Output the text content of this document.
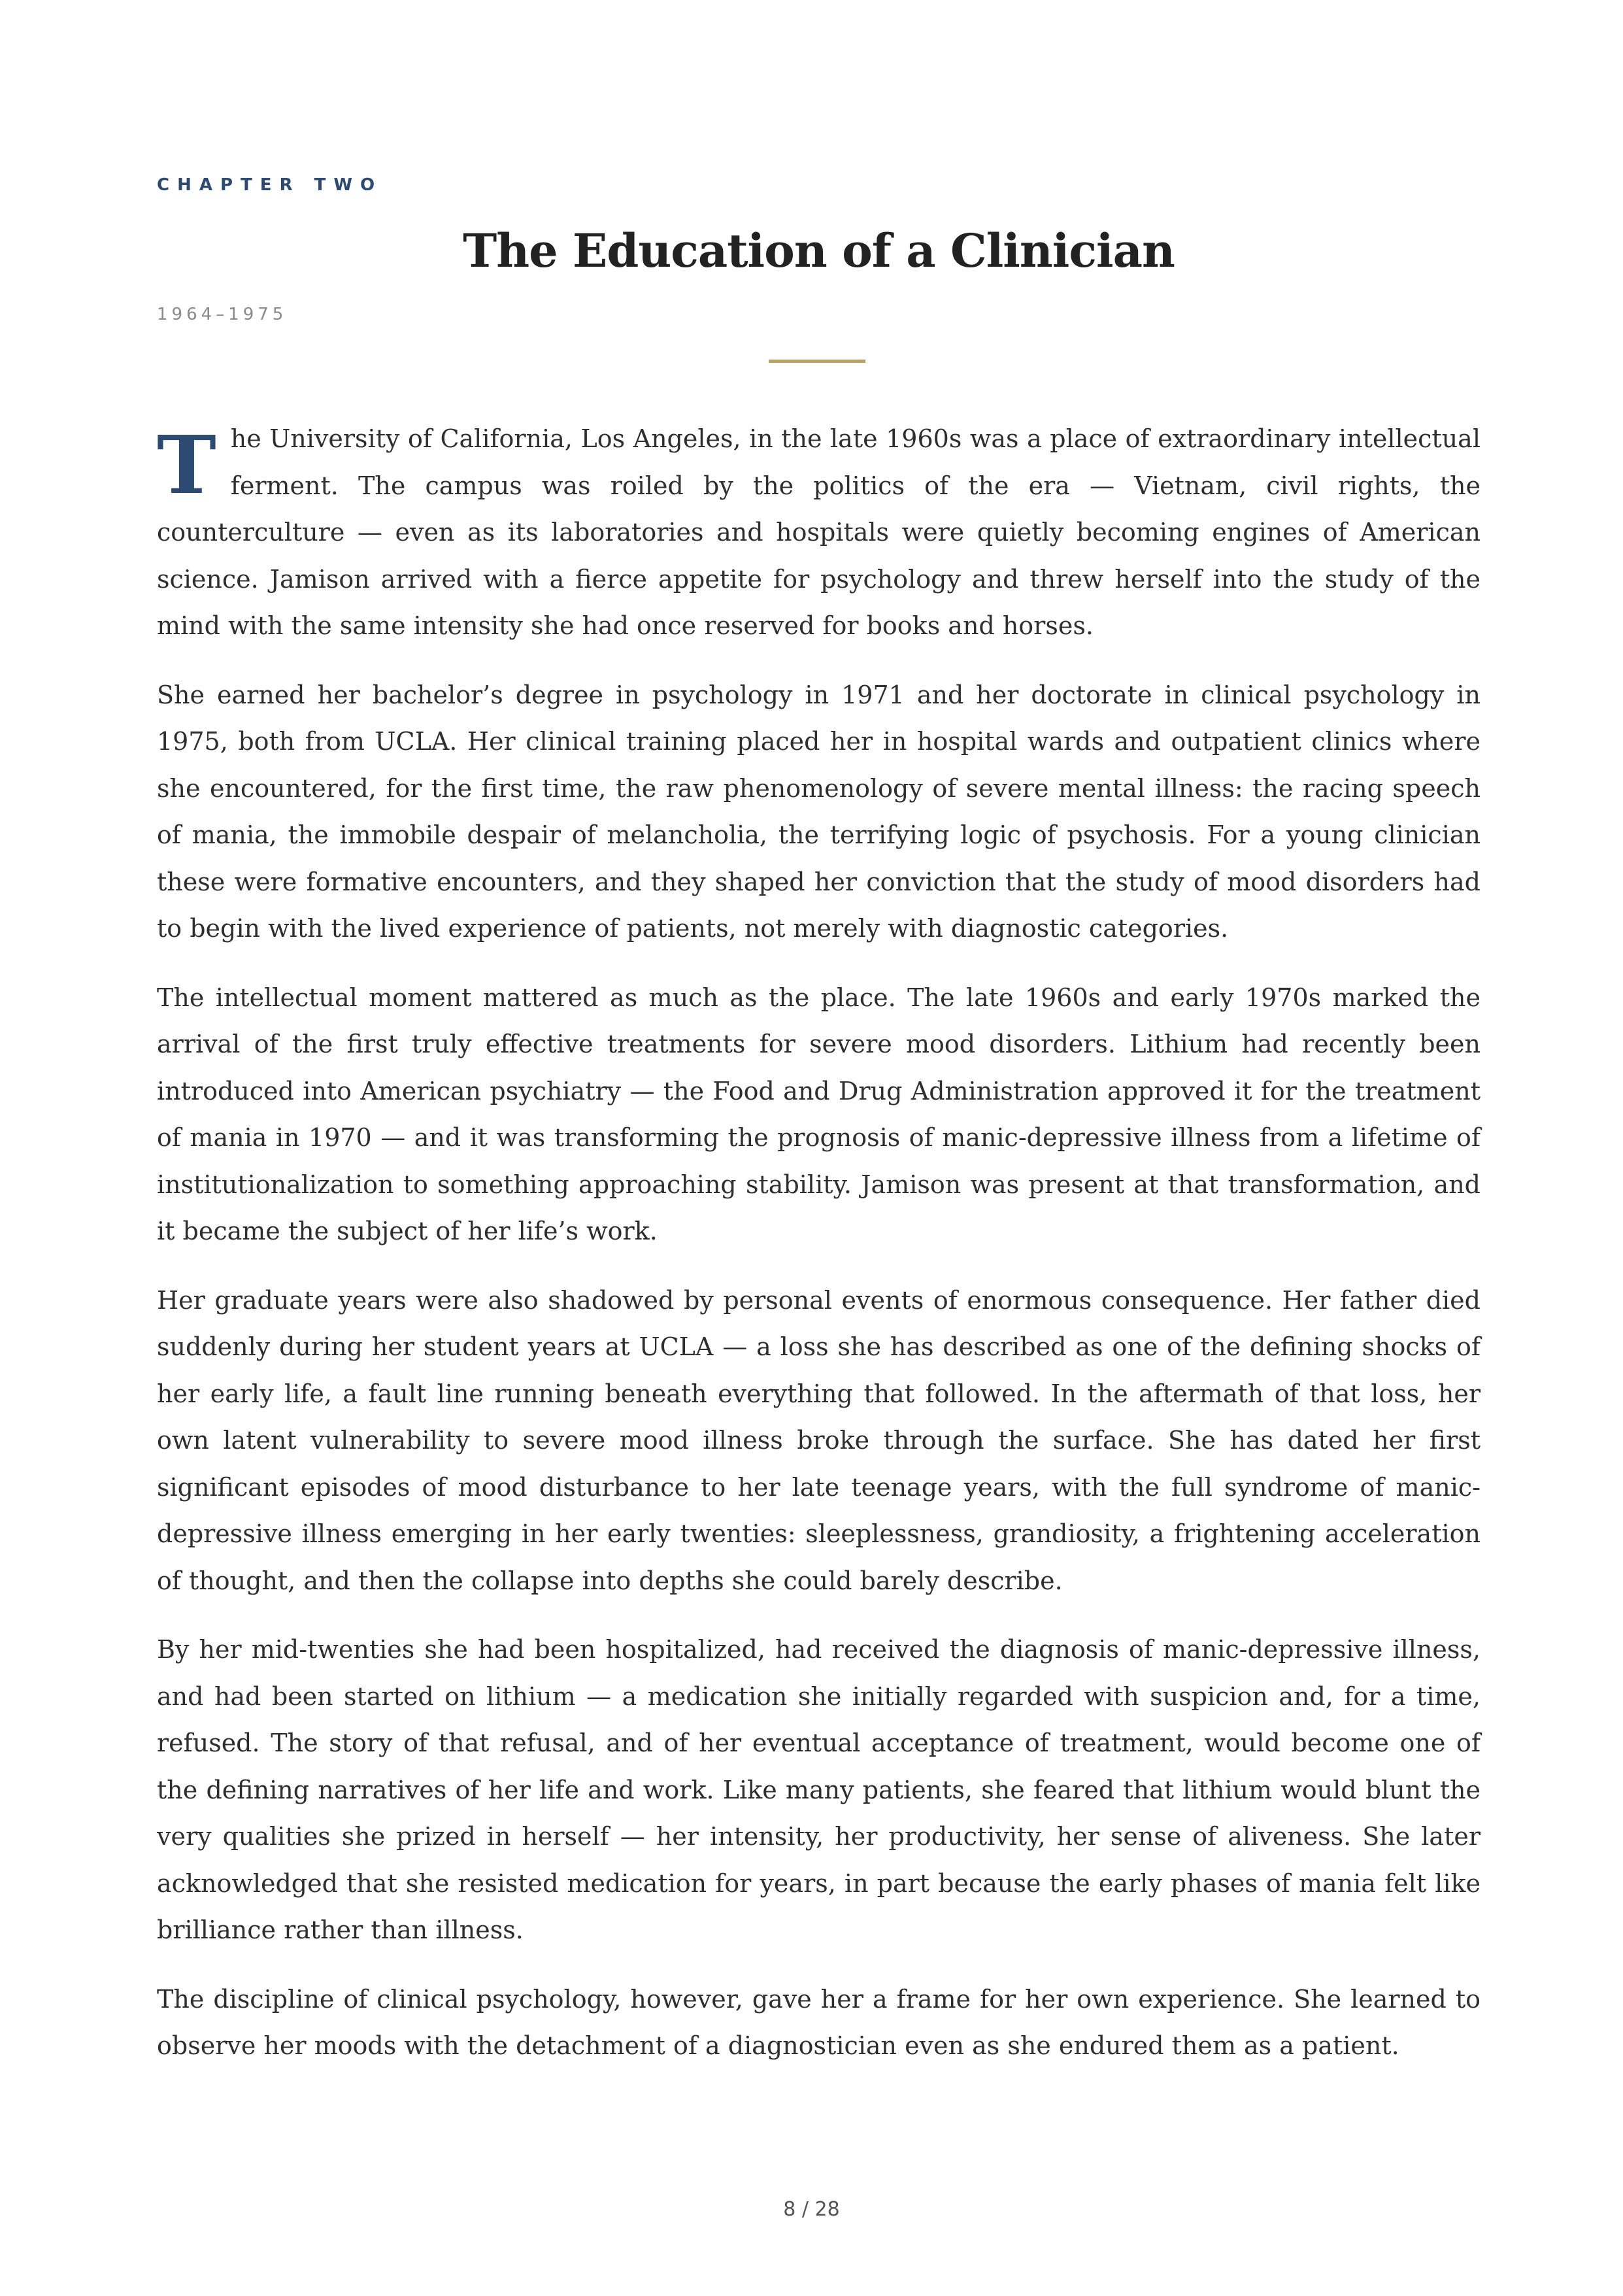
CHAPTER TWO
The Education of a Clinician
1964–1975

The University of California, Los Angeles, in the late 1960s was a place of extraordinary intellectual ferment. The campus was roiled by the politics of the era — Vietnam, civil rights, the counterculture — even as its laboratories and hospitals were quietly becoming engines of American science. Jamison arrived with a fierce appetite for psychology and threw herself into the study of the mind with the same intensity she had once reserved for books and horses.

She earned her bachelor’s degree in psychology in 1971 and her doctorate in clinical psychology in 1975, both from UCLA. Her clinical training placed her in hospital wards and outpatient clinics where she encountered, for the first time, the raw phenomenology of severe mental illness: the racing speech of mania, the immobile despair of melancholia, the terrifying logic of psychosis. For a young clinician these were formative encounters, and they shaped her conviction that the study of mood disorders had to begin with the lived experience of patients, not merely with diagnostic categories.

The intellectual moment mattered as much as the place. The late 1960s and early 1970s marked the arrival of the first truly effective treatments for severe mood disorders. Lithium had recently been introduced into American psychiatry — the Food and Drug Administration approved it for the treatment of mania in 1970 — and it was transforming the prognosis of manic-depressive illness from a lifetime of institutionalization to something approaching stability. Jamison was present at that transformation, and it became the subject of her life’s work.

Her graduate years were also shadowed by personal events of enormous consequence. Her father died suddenly during her student years at UCLA — a loss she has described as one of the defining shocks of her early life, a fault line running beneath everything that followed. In the aftermath of that loss, her own latent vulnerability to severe mood illness broke through the surface. She has dated her first significant episodes of mood disturbance to her late teenage years, with the full syndrome of manic-depressive illness emerging in her early twenties: sleeplessness, grandiosity, a frightening acceleration of thought, and then the collapse into depths she could barely describe.

By her mid-twenties she had been hospitalized, had received the diagnosis of manic-depressive illness, and had been started on lithium — a medication she initially regarded with suspicion and, for a time, refused. The story of that refusal, and of her eventual acceptance of treatment, would become one of the defining narratives of her life and work. Like many patients, she feared that lithium would blunt the very qualities she prized in herself — her intensity, her productivity, her sense of aliveness. She later acknowledged that she resisted medication for years, in part because the early phases of mania felt like brilliance rather than illness.

The discipline of clinical psychology, however, gave her a frame for her own experience. She learned to observe her moods with the detachment of a diagnostician even as she endured them as a patient.

8 / 28
